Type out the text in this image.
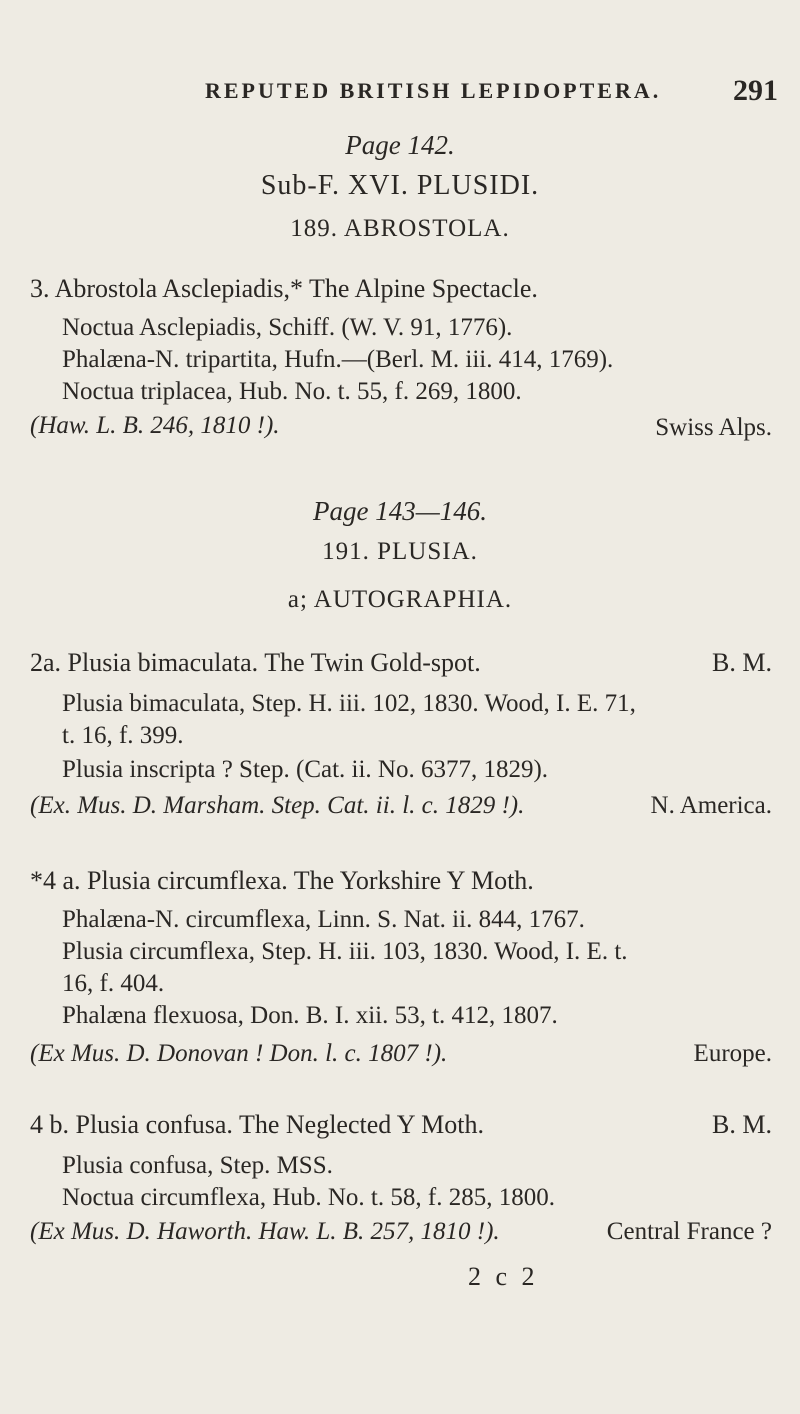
REPUTED BRITISH LEPIDOPTERA. 291
Page 142.
Sub-F. XVI. PLUSIDI.
189. ABROSTOLA.
3. Abrostola Asclepiadis,* The Alpine Spectacle.
Noctua Asclepiadis, Schiff. (W. V. 91, 1776).
Phalæna-N. tripartita, Hufn.—(Berl. M. iii. 414, 1769).
Noctua triplacea, Hub. No. t. 55, f. 269, 1800.
(Haw. L. B. 246, 1810 !).	Swiss Alps.
Page 143—146.
191. PLUSIA.
a; AUTOGRAPHIA.
2a. Plusia bimaculata. The Twin Gold-spot.	B. M.
Plusia bimaculata, Step. H. iii. 102, 1830. Wood, I. E. 71,
t. 16, f. 399.
Plusia inscripta ? Step. (Cat. ii. No. 6377, 1829).
(Ex. Mus. D. Marsham. Step. Cat. ii. l. c. 1829 !).	N. America.
*4 a. Plusia circumflexa. The Yorkshire Y Moth.
Phalæna-N. circumflexa, Linn. S. Nat. ii. 844, 1767.
Plusia circumflexa, Step. H. iii. 103, 1830. Wood, I. E. t.
16, f. 404.
Phalæna flexuosa, Don. B. I. xii. 53, t. 412, 1807.
(Ex Mus. D. Donovan ! Don. l. c. 1807 !).	Europe.
4 b. Plusia confusa. The Neglected Y Moth.	B. M.
Plusia confusa, Step. MSS.
Noctua circumflexa, Hub. No. t. 58, f. 285, 1800.
(Ex Mus. D. Haworth. Haw. L. B. 257, 1810 !).	Central France ?
2 c 2
